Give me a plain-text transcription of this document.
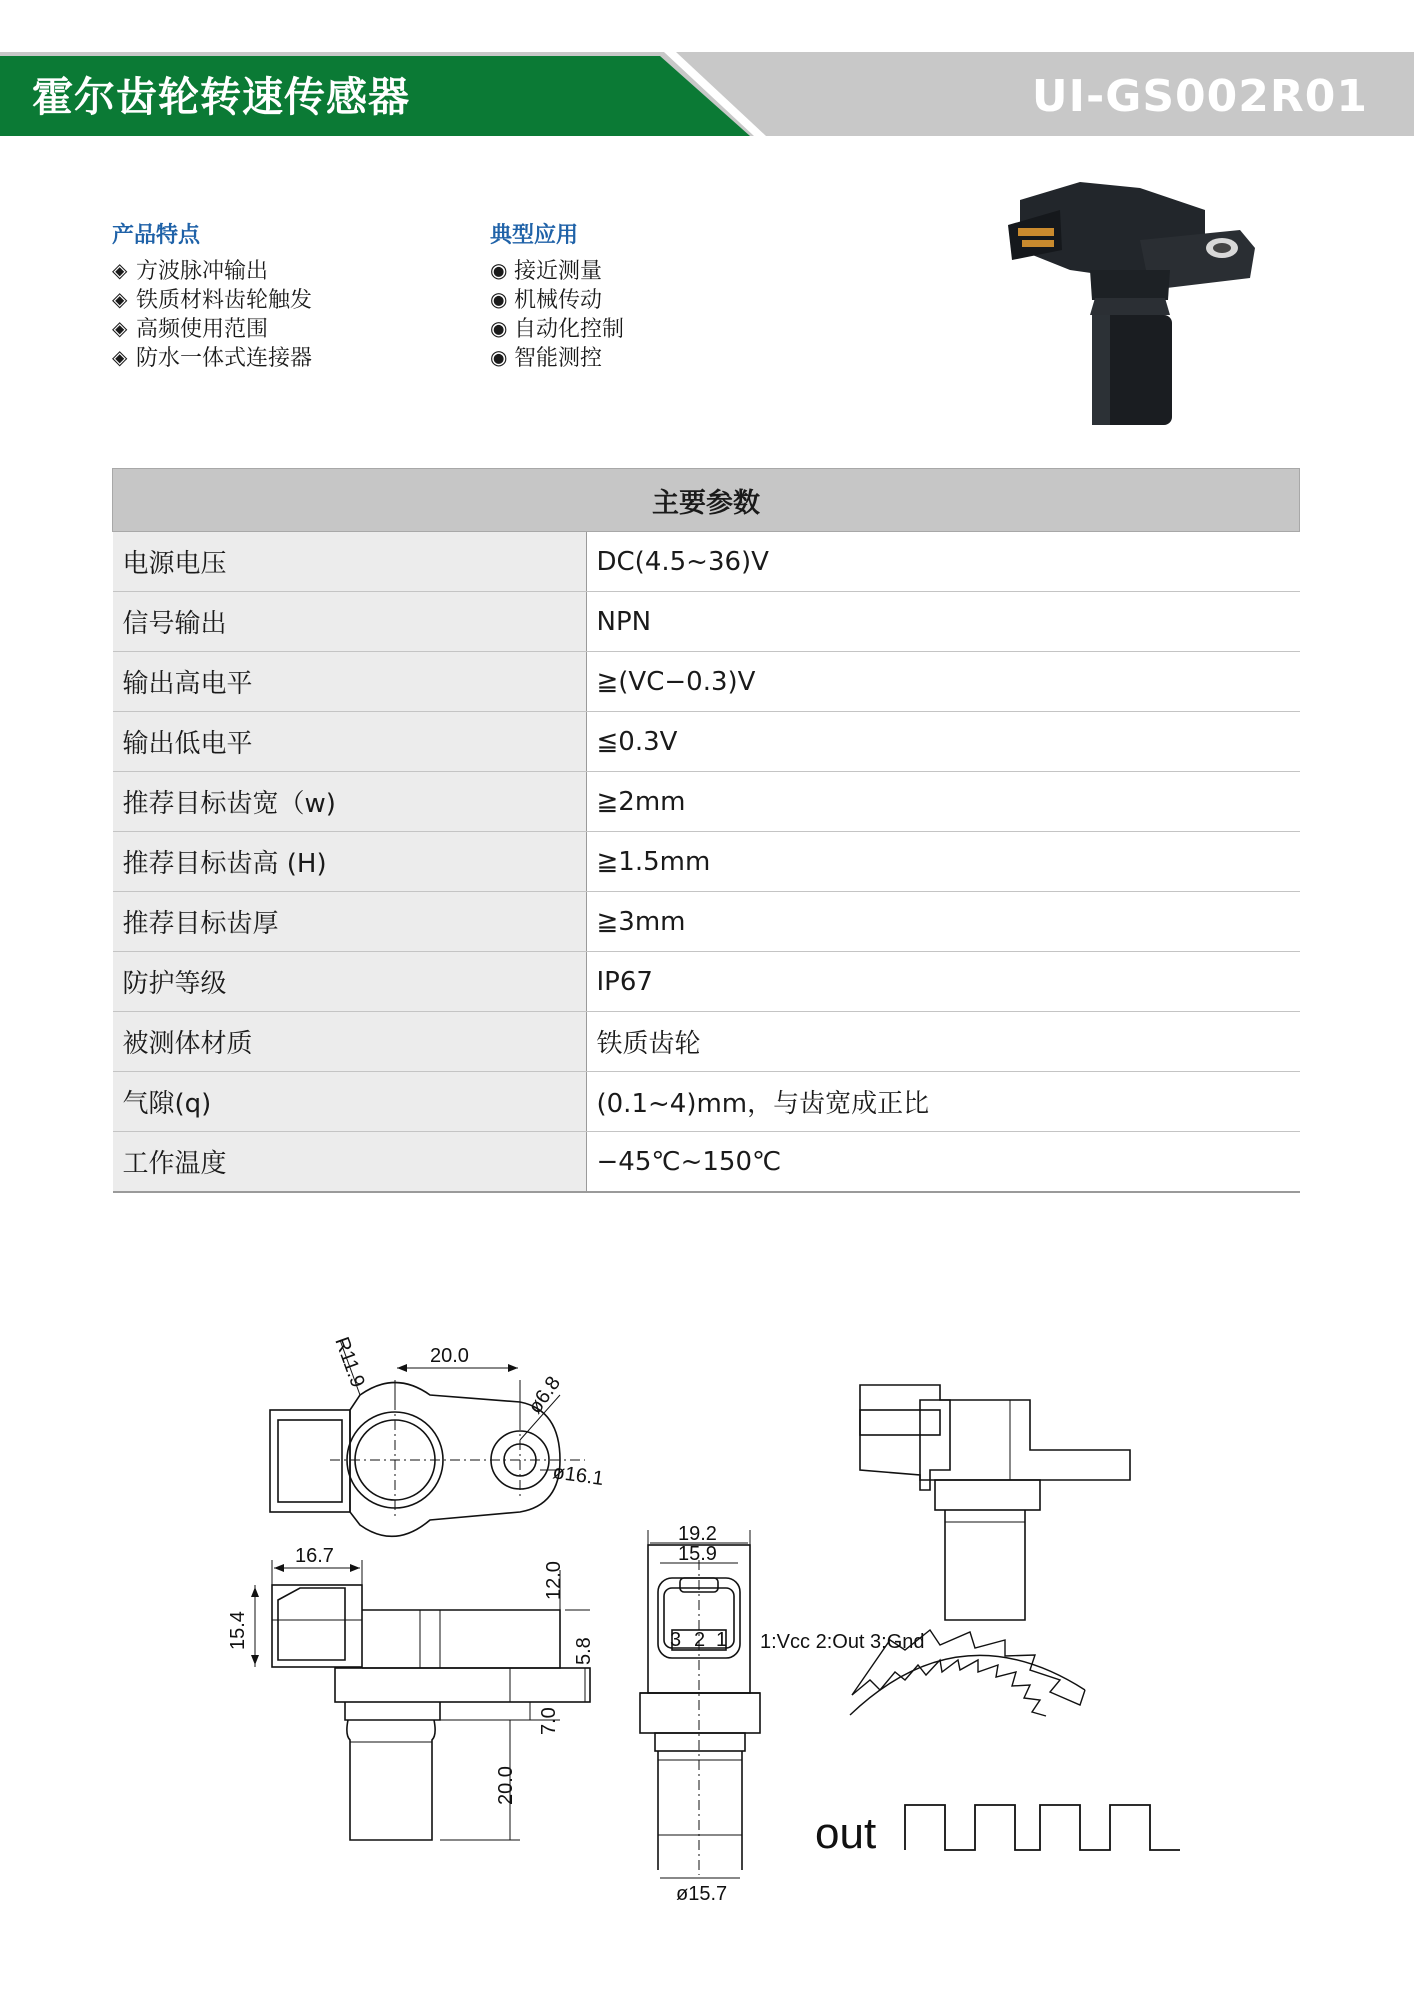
霍尔齿轮转速传感器	UI-GS002R01
产品特点
◈ 方波脉冲输出
◈ 铁质材料齿轮触发
◈ 高频使用范围
◈ 防水一体式连接器
典型应用
◉ 接近测量
◉ 机械传动
◉ 自动化控制
◉ 智能测控
主要参数	
电源电压	DC(4.5~36)V
信号输出	NPN
输出高电平	≧(VC−0.3)V
输出低电平	≦0.3V
推荐目标齿宽（w)	≧2mm
推荐目标齿高 (H)	≧1.5mm
推荐目标齿厚	≧3mm
防护等级	IP67
被测体材质	铁质齿轮
气隙(q)	(0.1~4)mm，与齿宽成正比
工作温度	−45℃~150℃
R11.9	20.0
ø6.8
ø16.1
16.7
15.4
12.0
5.8
7.0
20.0
19.2
15.9
ø15.7
3 2 1 1:Vcc 2:Out 3:Gnd
out
